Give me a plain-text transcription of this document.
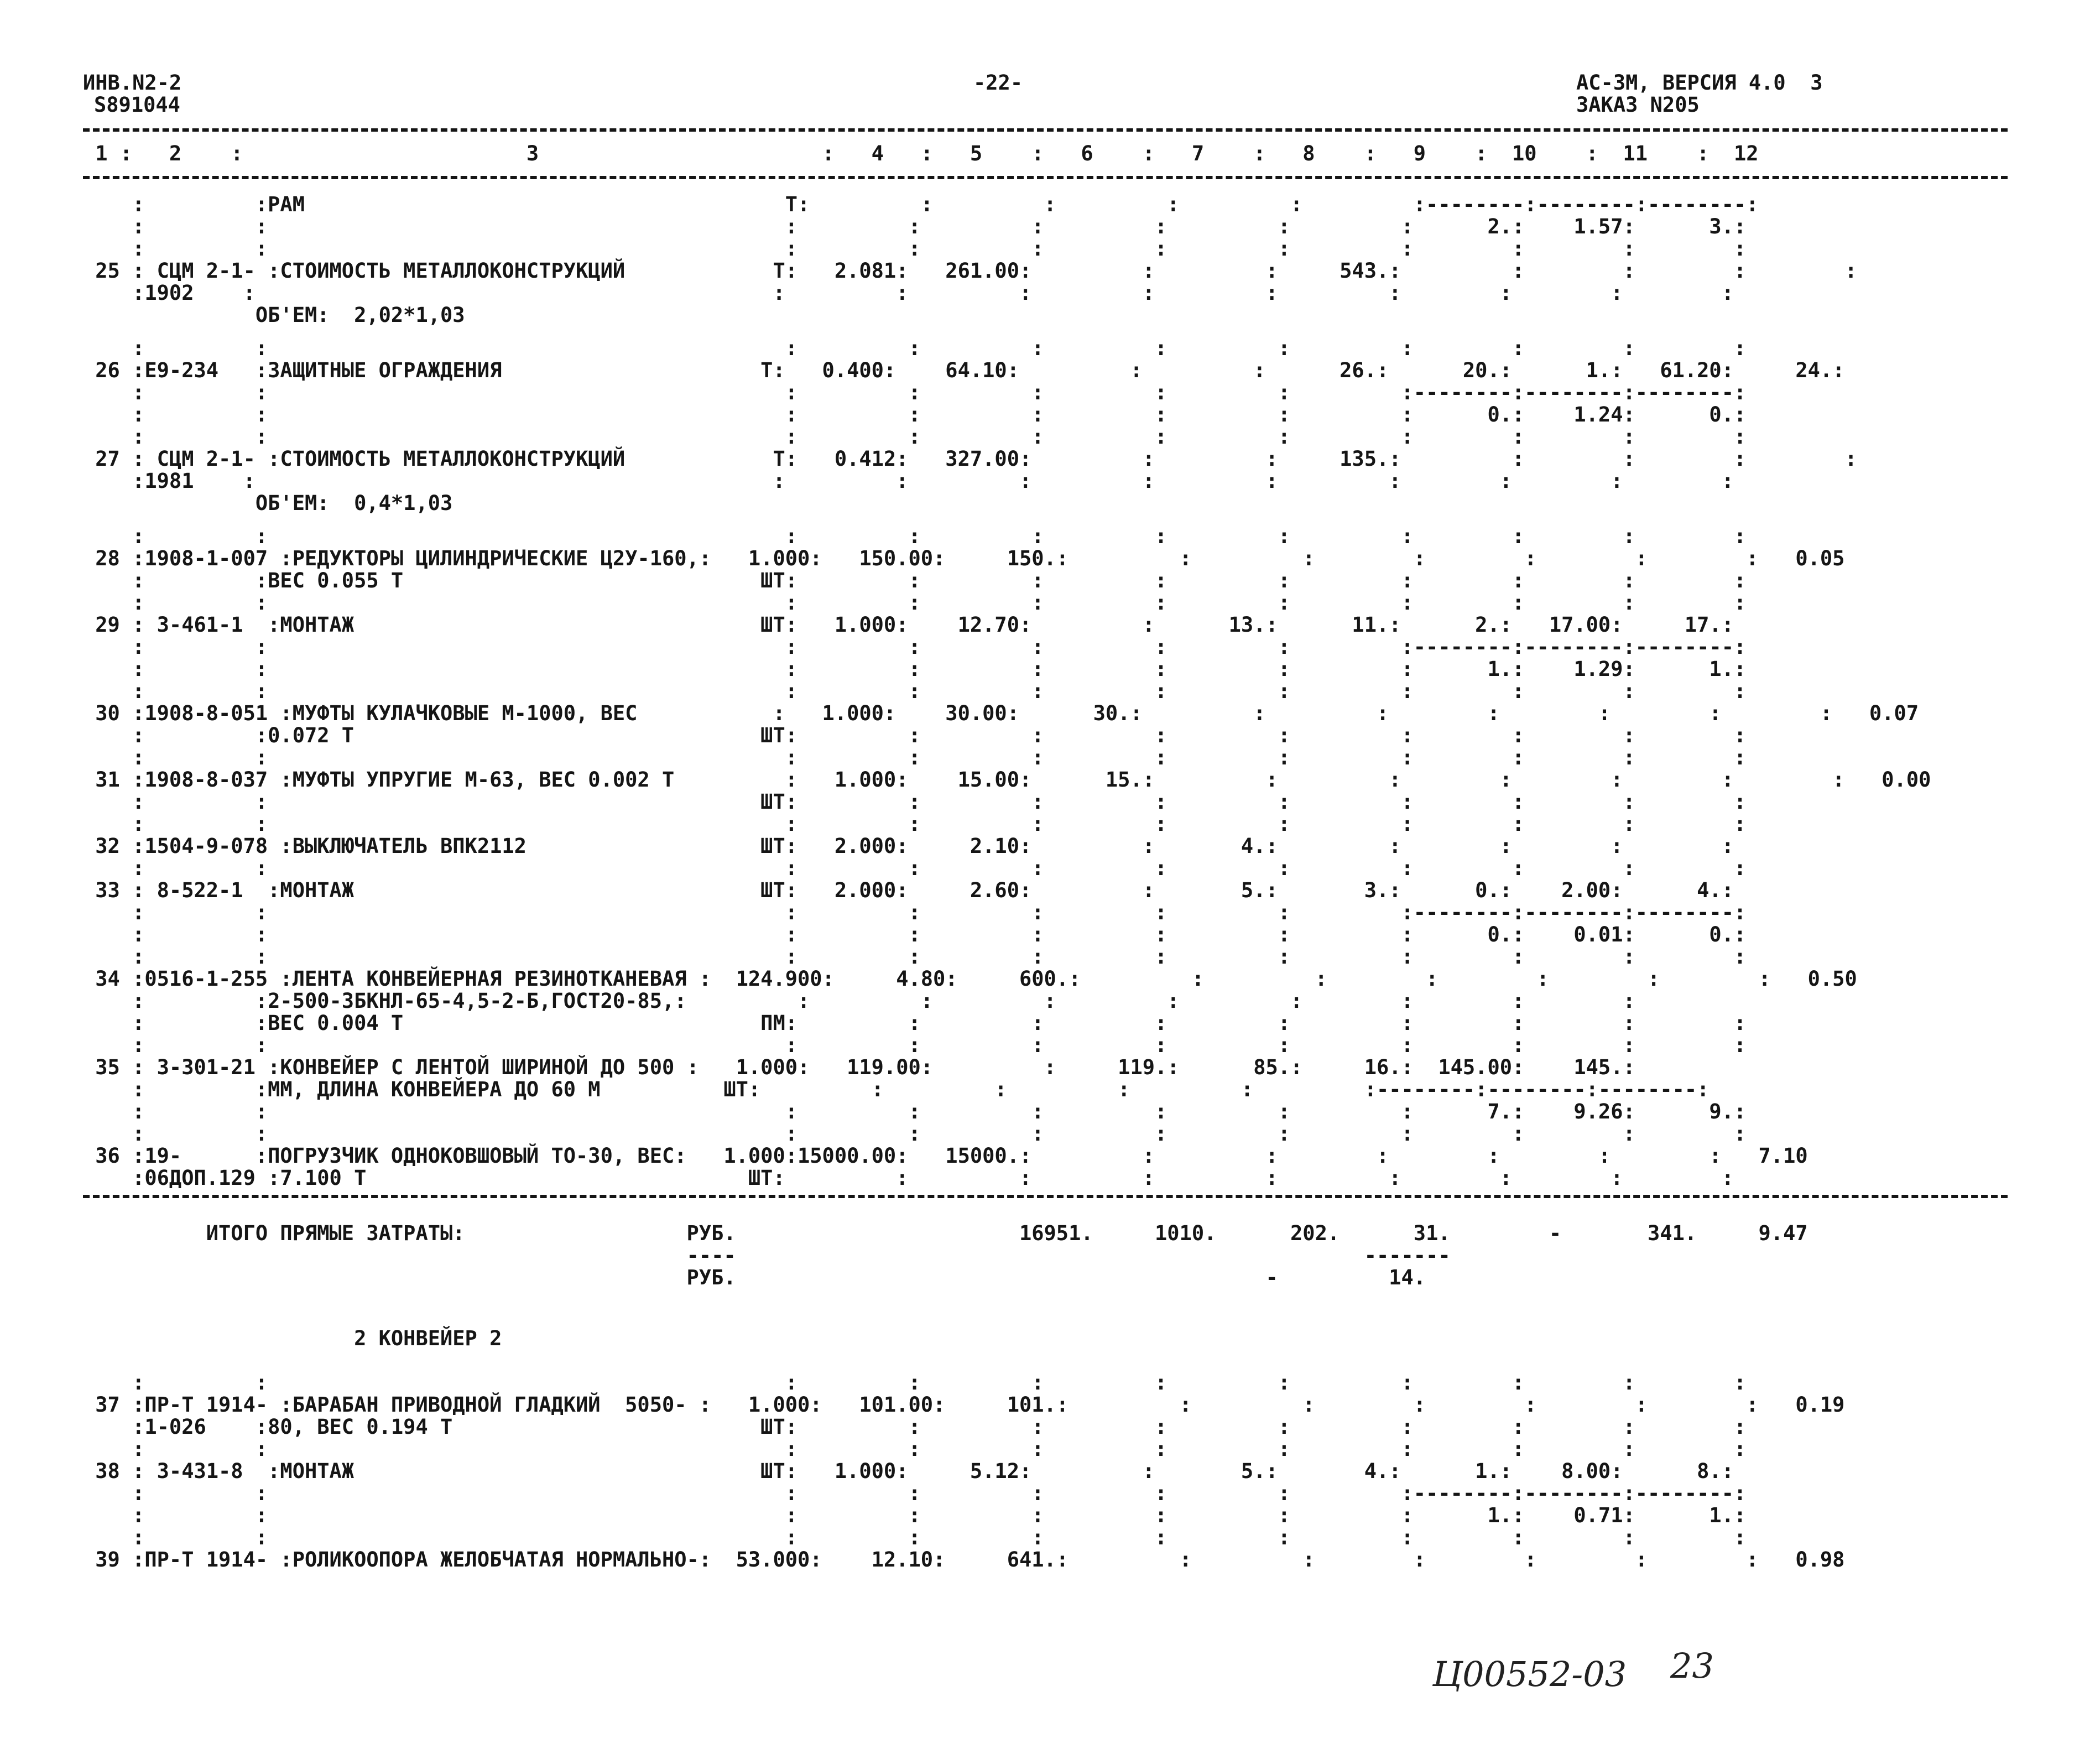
ИНВ.N2-2
S891044
-22-	АС-3М, ВЕРСИЯ 4.0  3
ЗАКАЗ N205
1 :   2    :                       3                       :   4   :   5    :   6    :   7    :   8    :   9    :  10    :  11    :  12
:         :РАМ                                       Т:         :         :         :         :         :--------:--------:--------:
:         :                                          :         :         :         :         :         :      2.:    1.57:      3.:
:         :                                          :         :         :         :         :         :        :        :        :
25 : СЦМ 2-1- :СТОИМОСТЬ МЕТАЛЛОКОНСТРУКЦИЙ            Т:   2.081:   261.00:         :         :     543.:         :        :        :        :
:1902    :                                          :         :         :         :         :         :        :        :        :
ОБ'ЕМ:  2,02*1,03
:         :                                          :         :         :         :         :         :        :        :        :
26 :Е9-234   :ЗАЩИТНЫЕ ОГРАЖДЕНИЯ                     Т:   0.400:    64.10:         :         :      26.:      20.:      1.:   61.20:     24.:
:         :                                          :         :         :         :         :         :--------:--------:--------:
:         :                                          :         :         :         :         :         :      0.:    1.24:      0.:
:         :                                          :         :         :         :         :         :        :        :        :
27 : СЦМ 2-1- :СТОИМОСТЬ МЕТАЛЛОКОНСТРУКЦИЙ            Т:   0.412:   327.00:         :         :     135.:         :        :        :        :
:1981    :                                          :         :         :         :         :         :        :        :        :
ОБ'ЕМ:  0,4*1,03
:         :                                          :         :         :         :         :         :        :        :        :
28 :1908-1-007 :РЕДУКТОРЫ ЦИЛИНДРИЧЕСКИЕ Ц2У-160,:   1.000:   150.00:     150.:         :         :        :        :        :        :   0.05
:         :ВЕС 0.055 Т                             ШТ:         :         :         :         :         :        :        :        :
:         :                                          :         :         :         :         :         :        :        :        :
29 : 3-461-1  :МОНТАЖ                                 ШТ:   1.000:    12.70:         :      13.:      11.:      2.:   17.00:     17.:
:         :                                          :         :         :         :         :         :--------:--------:--------:
:         :                                          :         :         :         :         :         :      1.:    1.29:      1.:
:         :                                          :         :         :         :         :         :        :        :        :
30 :1908-8-051 :МУФТЫ КУЛАЧКОВЫЕ М-1000, ВЕС           :   1.000:    30.00:      30.:         :         :        :        :        :        :   0.07
:         :0.072 Т                                 ШТ:         :         :         :         :         :        :        :        :
:         :                                          :         :         :         :         :         :        :        :        :
31 :1908-8-037 :МУФТЫ УПРУГИЕ М-63, ВЕС 0.002 Т         :   1.000:    15.00:      15.:         :         :        :        :        :        :   0.00
:         :                                        ШТ:         :         :         :         :         :        :        :        :
:         :                                          :         :         :         :         :         :        :        :        :
32 :1504-9-078 :ВЫКЛЮЧАТЕЛЬ ВПК2112                   ШТ:   2.000:     2.10:         :       4.:         :        :        :        :
:         :                                          :         :         :         :         :         :        :        :        :
33 : 8-522-1  :МОНТАЖ                                 ШТ:   2.000:     2.60:         :       5.:       3.:      0.:    2.00:      4.:
:         :                                          :         :         :         :         :         :--------:--------:--------:
:         :                                          :         :         :         :         :         :      0.:    0.01:      0.:
:         :                                          :         :         :         :         :         :        :        :        :
34 :0516-1-255 :ЛЕНТА КОНВЕЙЕРНАЯ РЕЗИНОТКАНЕВАЯ :  124.900:     4.80:     600.:         :         :        :        :        :        :   0.50
:         :2-500-3БКНЛ-65-4,5-2-Б,ГОСТ20-85,:         :         :         :         :         :        :        :        :
:         :ВЕС 0.004 Т                             ПМ:         :         :         :         :         :        :        :        :
:         :                                          :         :         :         :         :         :        :        :        :
35 : 3-301-21 :КОНВЕЙЕР С ЛЕНТОЙ ШИРИНОЙ ДО 500 :   1.000:   119.00:         :     119.:      85.:     16.:  145.00:    145.:
:         :ММ, ДЛИНА КОНВЕЙЕРА ДО 60 М          ШТ:         :         :         :         :         :--------:--------:--------:
:         :                                          :         :         :         :         :         :      7.:    9.26:      9.:
:         :                                          :         :         :         :         :         :        :        :        :
36 :19-      :ПОГРУЗЧИК ОДНОКОВШОВЫЙ ТО-30, ВЕС:   1.000:15000.00:   15000.:         :         :        :        :        :        :   7.10
:06ДОП.129 :7.100 Т                               ШТ:         :         :         :         :         :        :        :        :
ИТОГО ПРЯМЫЕ ЗАТРАТЫ:                  РУБ.                       16951.     1010.      202.      31.        -       341.     9.47
----                                                   -------
РУБ.                                           -         14.
2 КОНВЕЙЕР 2
:         :                                          :         :         :         :         :         :        :        :        :
37 :ПР-Т 1914- :БАРАБАН ПРИВОДНОЙ ГЛАДКИЙ  5050- :   1.000:   101.00:     101.:         :         :        :        :        :        :   0.19
:1-026    :80, ВЕС 0.194 Т                         ШТ:         :         :         :         :         :        :        :        :
:         :                                          :         :         :         :         :         :        :        :        :
38 : 3-431-8  :МОНТАЖ                                 ШТ:   1.000:     5.12:         :       5.:       4.:      1.:    8.00:      8.:
:         :                                          :         :         :         :         :         :--------:--------:--------:
:         :                                          :         :         :         :         :         :      1.:    0.71:      1.:
:         :                                          :         :         :         :         :         :        :        :        :
39 :ПР-Т 1914- :РОЛИКООПОРА ЖЕЛОБЧАТАЯ НОРМАЛЬНО-:  53.000:    12.10:     641.:         :         :        :        :        :        :   0.98
Ц00552-03 23
